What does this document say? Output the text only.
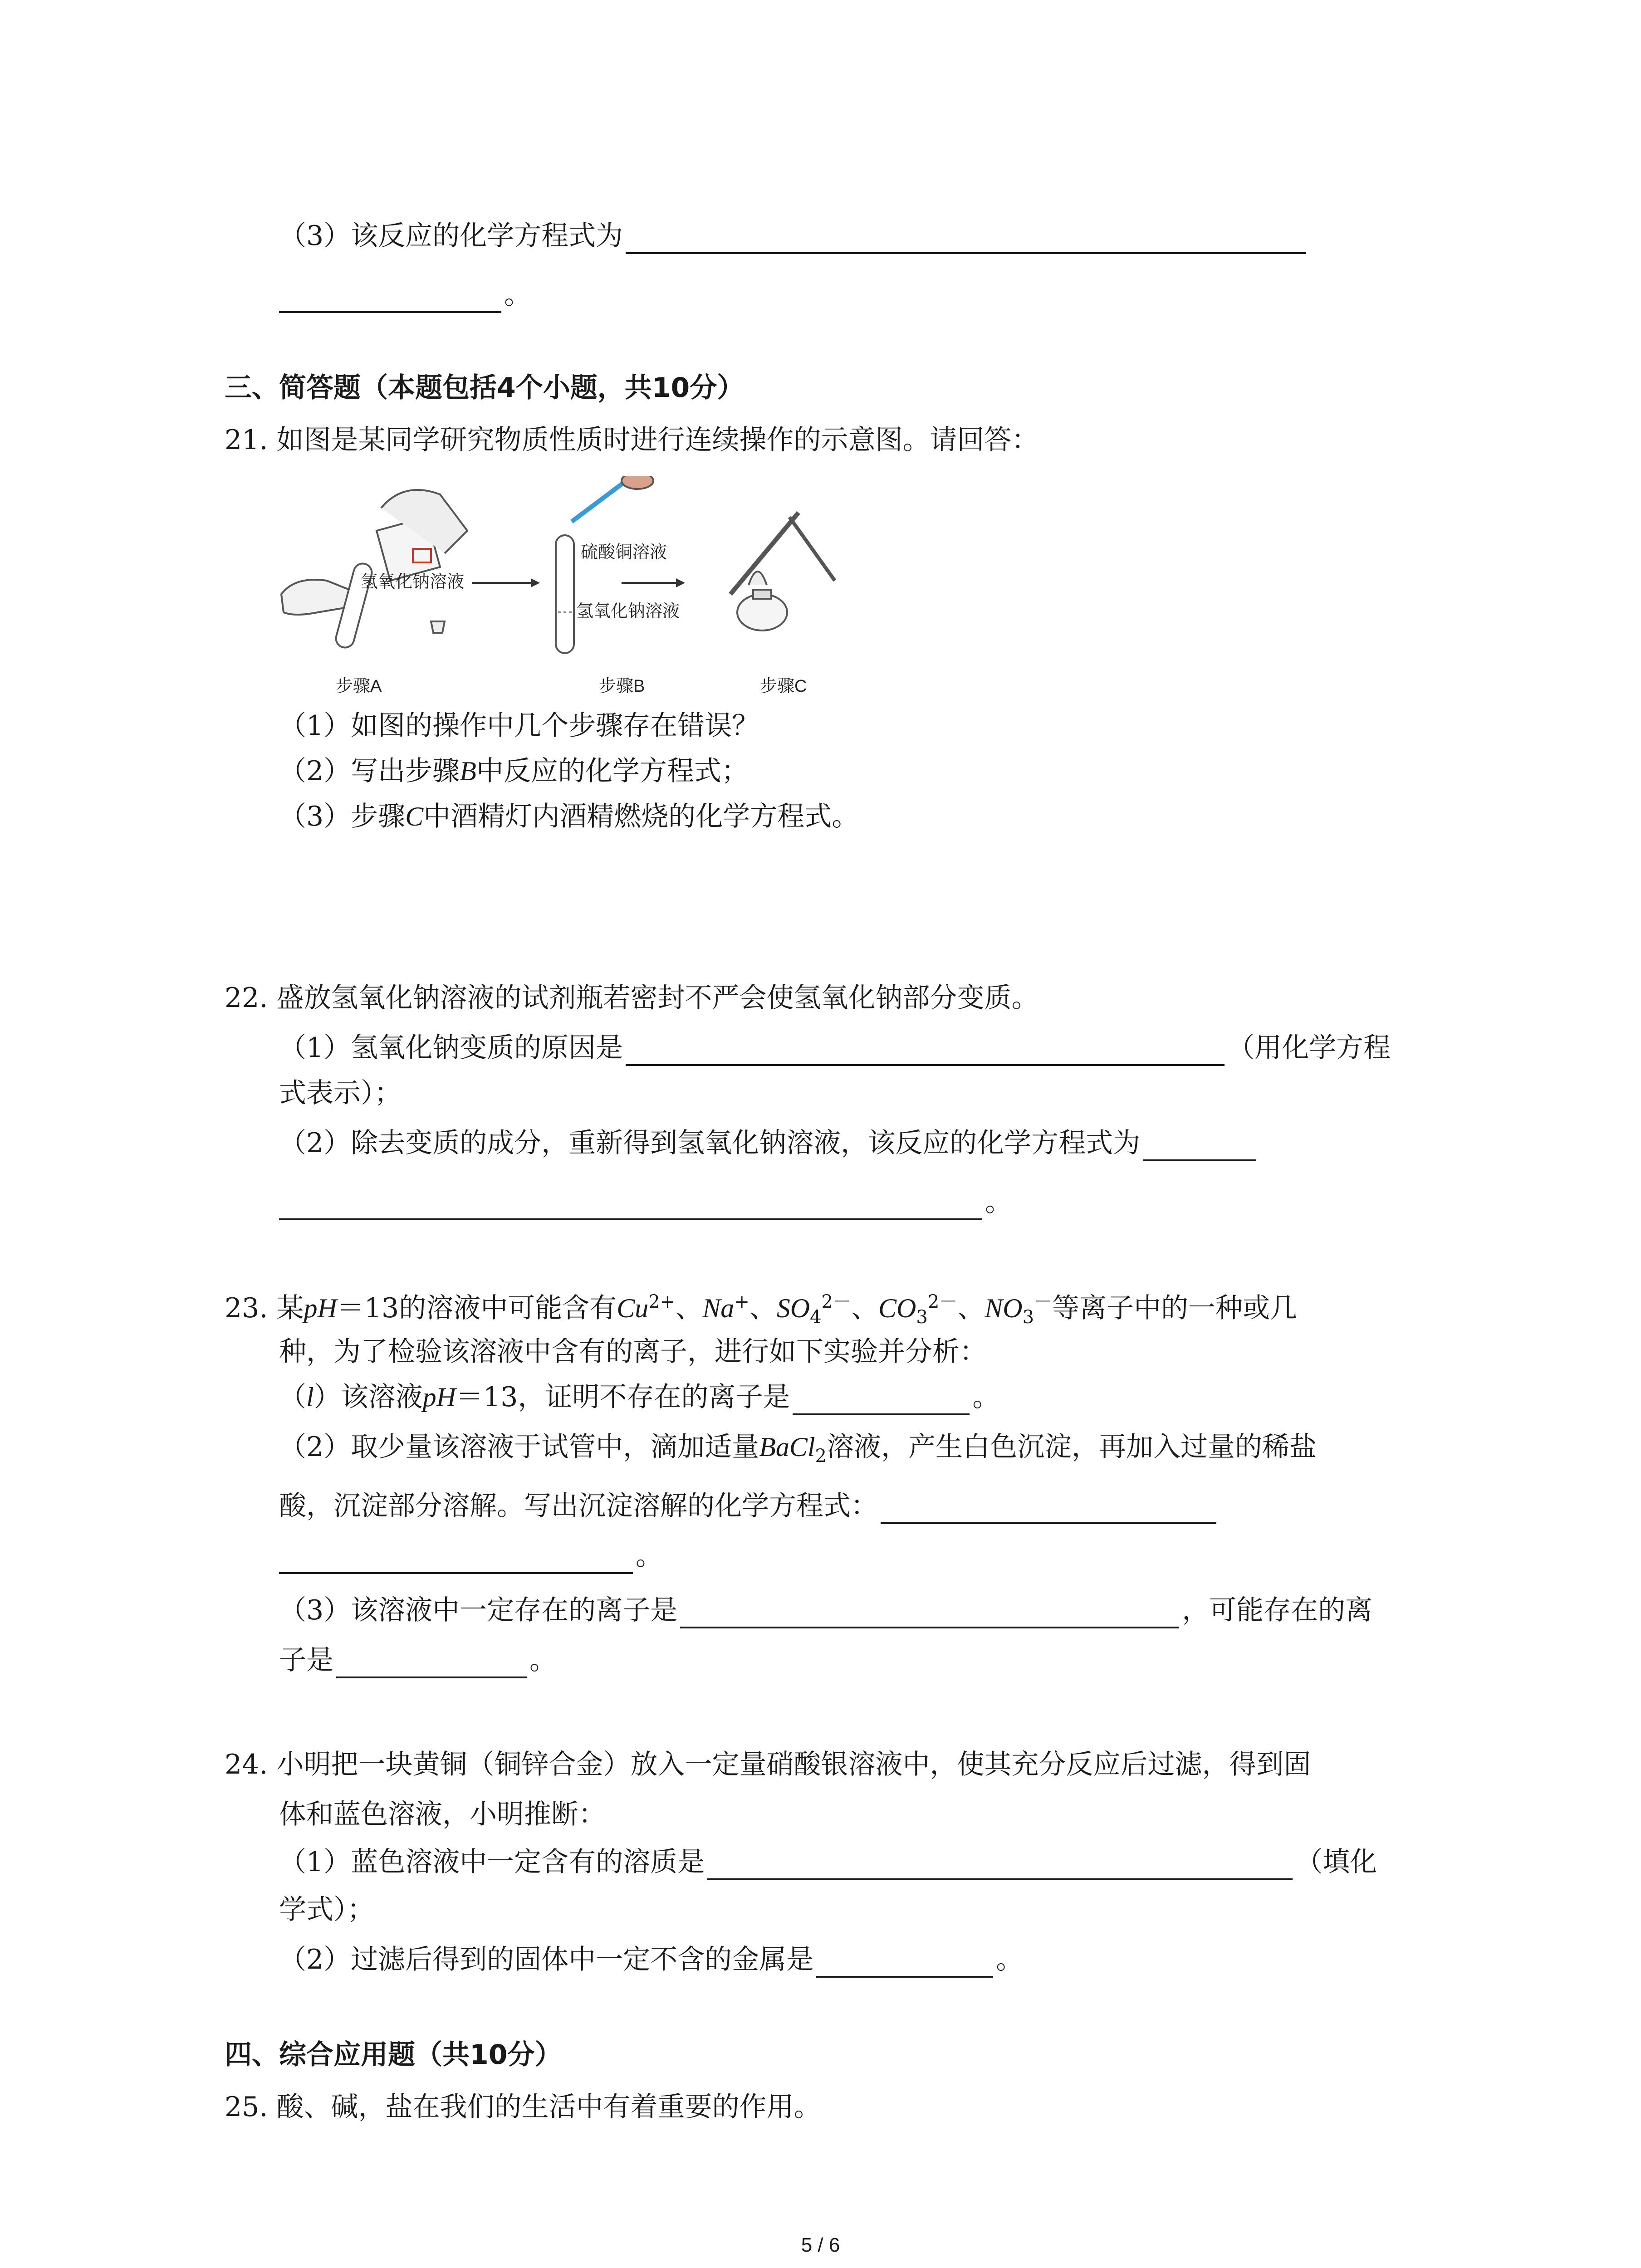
（3）该反应的化学方程式为
。
三、简答题（本题包括4个小题，共10分）
21. 如图是某同学研究物质性质时进行连续操作的示意图。请回答：
氢氧化钠溶液
硫酸铜溶液
氢氧化钠溶液
步骤A	步骤B	步骤C
（1）如图的操作中几个步骤存在错误？
（2）写出步骤B中反应的化学方程式；
（3）步骤C中酒精灯内酒精燃烧的化学方程式。
22. 盛放氢氧化钠溶液的试剂瓶若密封不严会使氢氧化钠部分变质。
（1）氢氧化钠变质的原因是	（用化学方程
式表示）；
（2）除去变质的成分，重新得到氢氧化钠溶液，该反应的化学方程式为
。
23. 某pH＝13的溶液中可能含有$Cu^{2+}$、Na+、$SO_4^{2-}$、$CO_3^{2-}$、$NO_3^-$等离子中的一种或几
种，为了检验该溶液中含有的离子，进行如下实验并分析：
（l）该溶液pH＝13，证明不存在的离子是	。
（2）取少量该溶液于试管中，滴加适量BaCl$_2$溶液，产生白色沉淀，再加入过量的稀盐
酸，沉淀部分溶解。写出沉淀溶解的化学方程式：
。
（3）该溶液中一定存在的离子是	，可能存在的离
子是	。
24. 小明把一块黄铜（铜锌合金）放入一定量硝酸银溶液中，使其充分反应后过滤，得到固
体和蓝色溶液，小明推断：
（1）蓝色溶液中一定含有的溶质是	（填化
学式）；
（2）过滤后得到的固体中一定不含的金属是	。
四、综合应用题（共10分）
25. 酸、碱，盐在我们的生活中有着重要的作用。
5 / 6
